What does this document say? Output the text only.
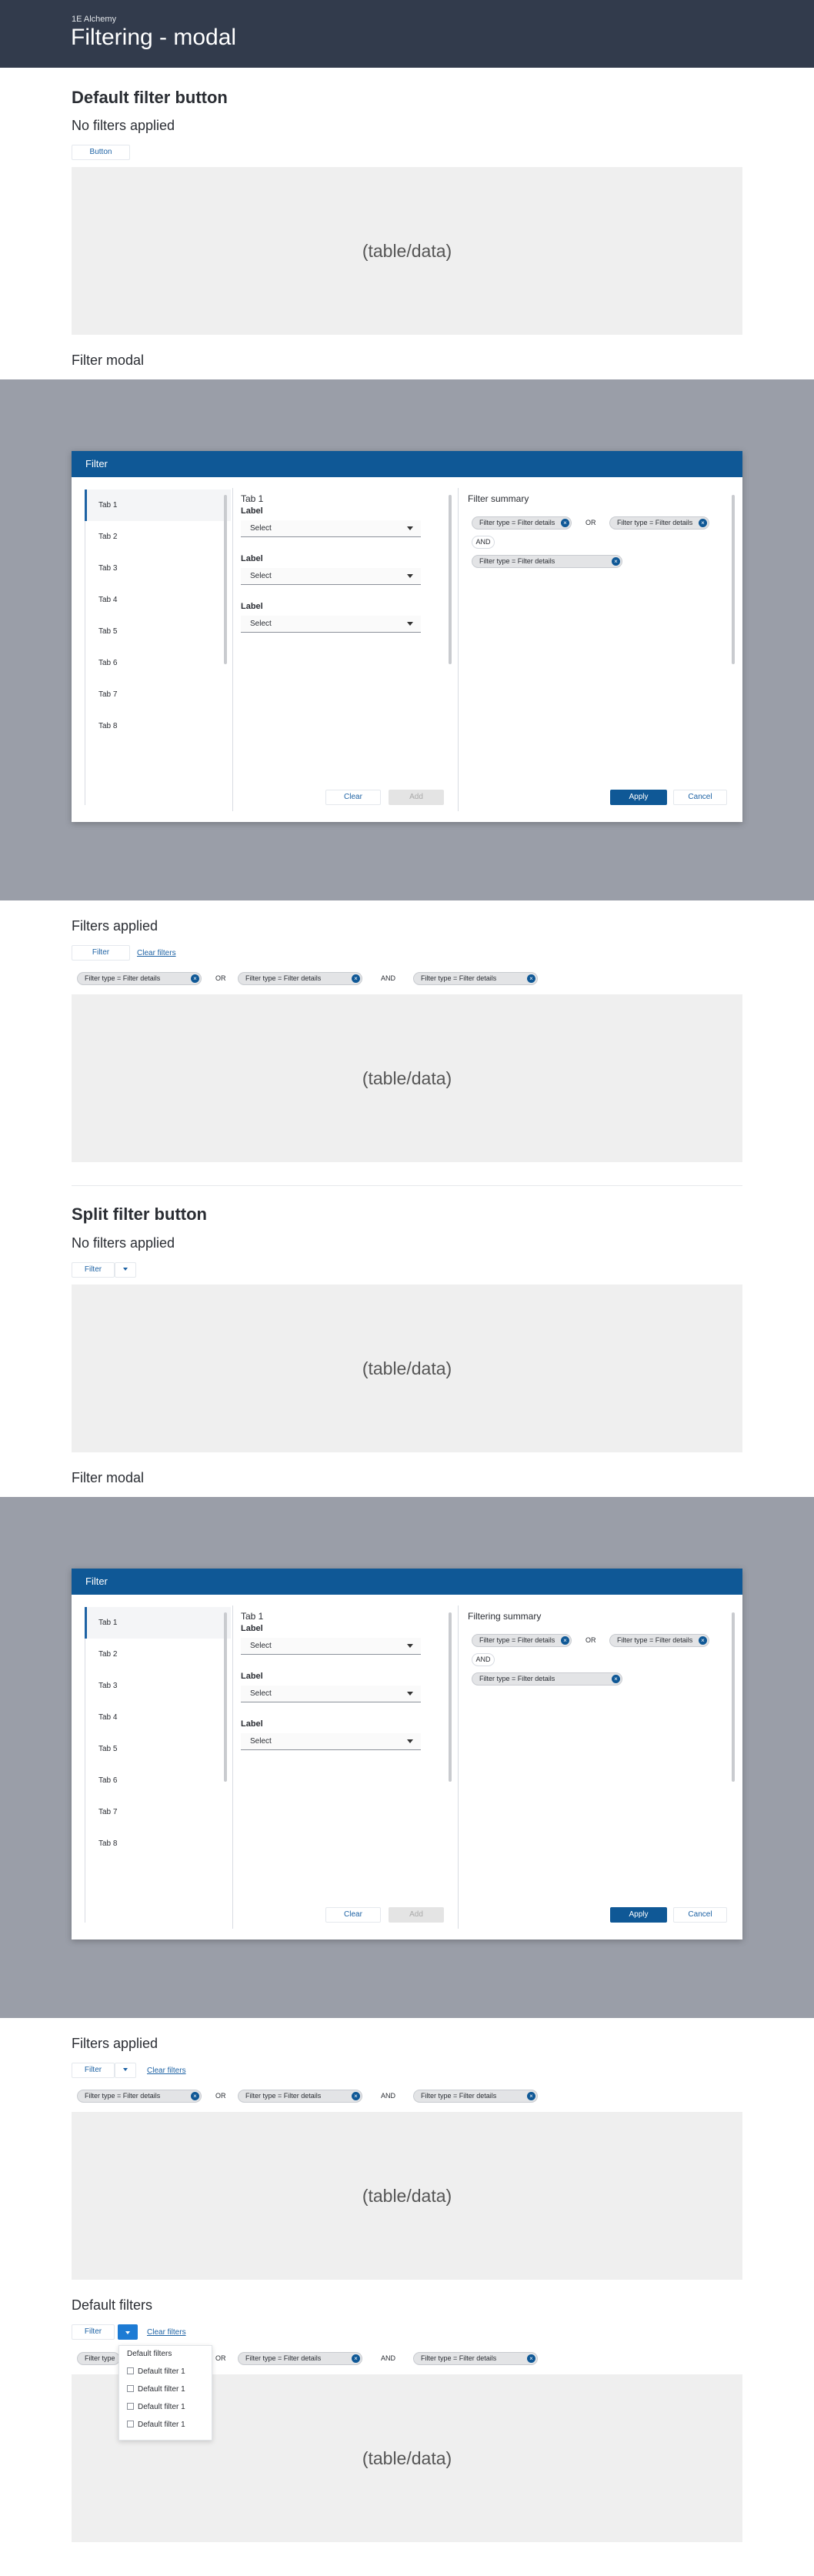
1E Alchemy
Filtering - modal
Default filter button
No filters applied
Button
(table/data)
Filter modal
Filter
Tab 1
Tab 2
Tab 3
Tab 4
Tab 5
Tab 6
Tab 7
Tab 8
Tab 1
Label
Select
Label
Select
Label
Select
Clear	Add
Filter summary
Filter type = Filter details	×	OR	Filter type = Filter details	×
AND
Filter type = Filter details	×
Apply	Cancel
Filters applied
Filter	Clear filters
Filter type = Filter details	×	OR	Filter type = Filter details	×	AND	Filter type = Filter details	×
(table/data)
Split filter button
No filters applied
Filter
(table/data)
Filter modal
Filter
Tab 1
Tab 2
Tab 3
Tab 4
Tab 5
Tab 6
Tab 7
Tab 8
Tab 1
Label
Select
Label
Select
Label
Select
Clear	Add
Filtering summary
Filter type = Filter details	×	OR	Filter type = Filter details	×
AND
Filter type = Filter details	×
Apply	Cancel
Filters applied
Filter	Clear filters
Filter type = Filter details	×	OR	Filter type = Filter details	×	AND	Filter type = Filter details	×
(table/data)
Default filters
Filter	Clear filters
Filter type	OR	Filter type = Filter details	×	AND	Filter type = Filter details	×
(table/data)
Default filters
Default filter 1
Default filter 1
Default filter 1
Default filter 1
